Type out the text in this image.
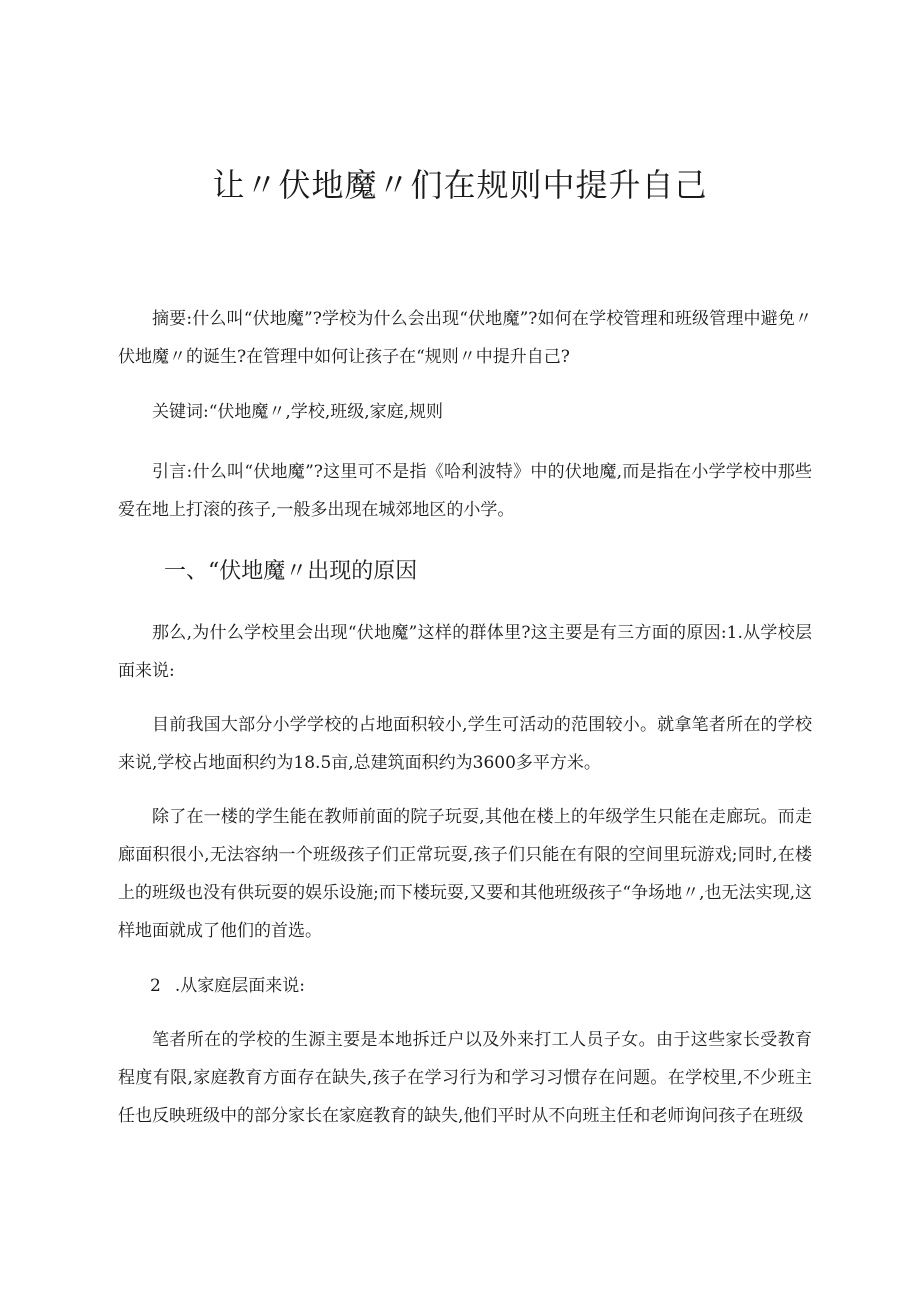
让〃伏地魔〃们在规则中提升自己

摘要:什么叫“伏地魔”?学校为什么会出现“伏地魔”?如何在学校管理和班级管理中避免〃伏地魔〃的诞生?在管理中如何让孩子在“规则〃中提升自己?

关键词:“伏地魔〃,学校,班级,家庭,规则

引言:什么叫“伏地魔”?这里可不是指《哈利波特》中的伏地魔,而是指在小学学校中那些爱在地上打滚的孩子,一般多出现在城郊地区的小学。

一、“伏地魔〃出现的原因

那么,为什么学校里会出现“伏地魔”这样的群体里?这主要是有三方面的原因:1.从学校层面来说:

目前我国大部分小学学校的占地面积较小,学生可活动的范围较小。就拿笔者所在的学校来说,学校占地面积约为18.5亩,总建筑面积约为3600多平方米。

除了在一楼的学生能在教师前面的院子玩耍,其他在楼上的年级学生只能在走廊玩。而走廊面积很小,无法容纳一个班级孩子们正常玩耍,孩子们只能在有限的空间里玩游戏;同时,在楼上的班级也没有供玩耍的娱乐设施;而下楼玩耍,又要和其他班级孩子“争场地〃,也无法实现,这样地面就成了他们的首选。

2 .从家庭层面来说:

笔者所在的学校的生源主要是本地拆迁户以及外来打工人员子女。由于这些家长受教育程度有限,家庭教育方面存在缺失,孩子在学习行为和学习习惯存在问题。在学校里,不少班主任也反映班级中的部分家长在家庭教育的缺失,他们平时从不向班主任和老师询问孩子在班级
